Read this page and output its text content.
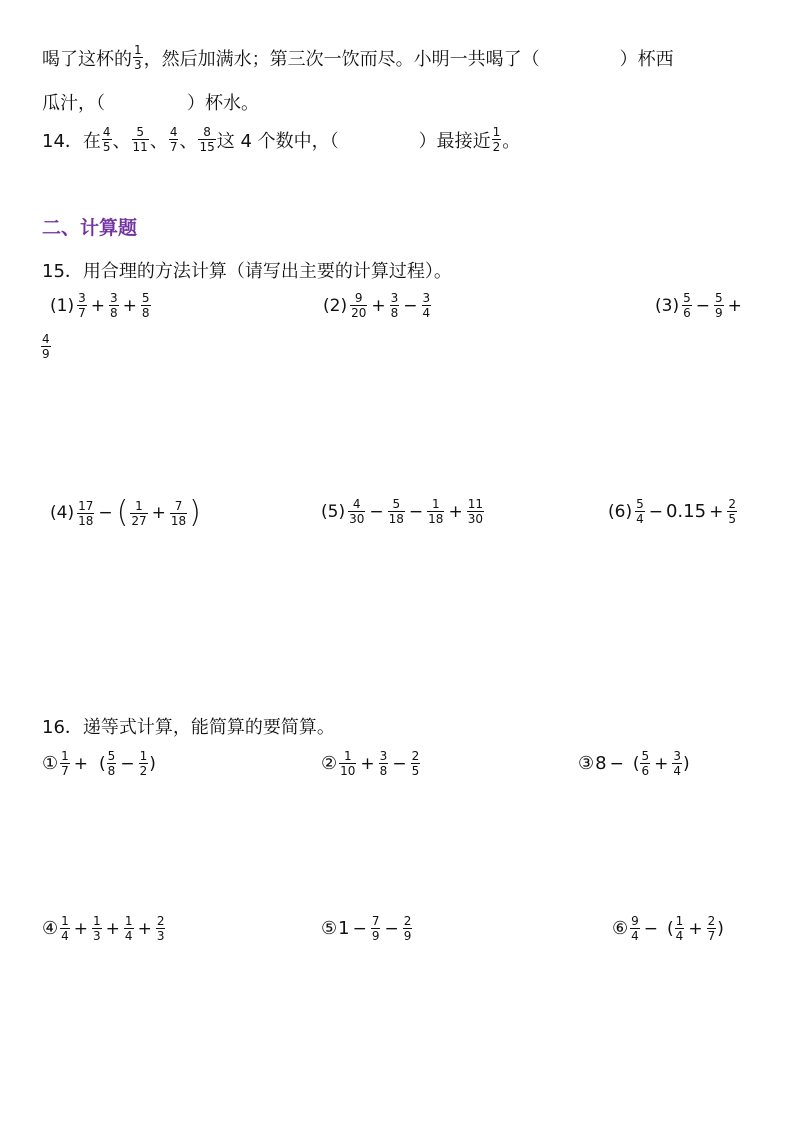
喝了这杯的 $\frac{1}{3}$ ，然后加满水；第三次一饮而尽。小明一共喝了（	）杯西
瓜汁，（	）杯水。
14．在 $\frac{4}{5}$ 、 $\frac{5}{11}$ 、 $\frac{4}{7}$ 、 $\frac{8}{15}$ 这 4 个数中，（	）最接近 $\frac{1}{2}$ 。
二、计算题
15．用合理的方法计算（请写出主要的计算过程）。
$(1) \frac{3}{7} + \frac{3}{8} + \frac{5}{8}$	$(2) \frac{9}{20} + \frac{3}{8} - \frac{3}{4}$	$(3) \frac{5}{6} - \frac{5}{9}$ +
$\frac{4}{9}$
$(4) \frac{17}{18}$ − ( $\frac{1}{27} + \frac{7}{18}$ )	$(5) \frac{4}{30} - \frac{5}{18} - \frac{1}{18} + \frac{11}{30}$	$(6) \frac{5}{4} - 0.15 + \frac{2}{5}$
16．递等式计算，能简算的要简算。
① $\frac{1}{7}$ + ( $\frac{5}{8} - \frac{1}{2}$ )	② $\frac{1}{10} + \frac{3}{8} - \frac{2}{5}$	③ 8 − ( $\frac{5}{6} + \frac{3}{4}$ )
④ $\frac{1}{4} + \frac{1}{3} + \frac{1}{4} + \frac{2}{3}$	⑤ $1 - \frac{7}{9} - \frac{2}{9}$	⑥ $\frac{9}{4}$ − ( $\frac{1}{4} + \frac{2}{7}$ )
